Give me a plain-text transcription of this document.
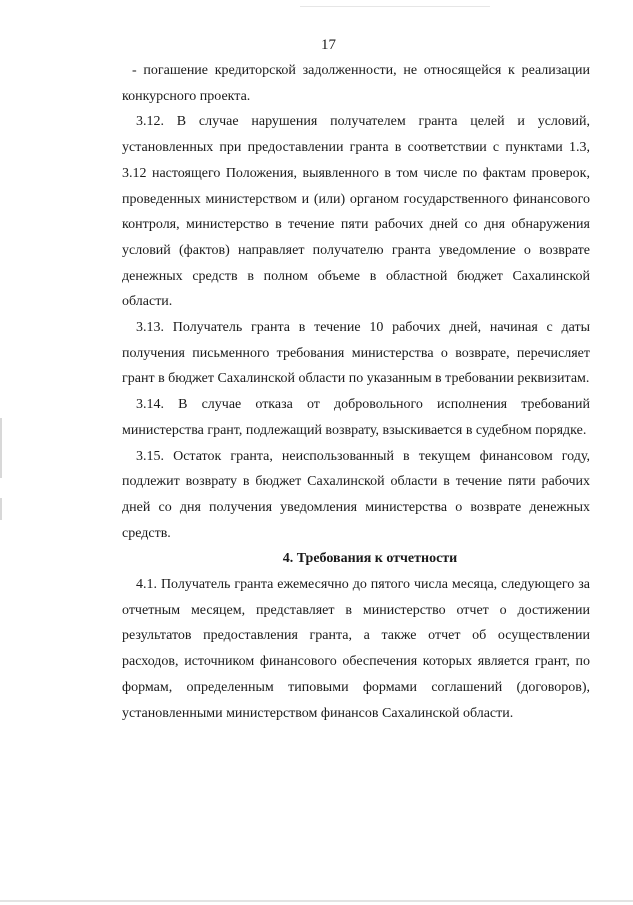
17

- погашение кредиторской задолженности, не относящейся к реализации конкурсного проекта.

3.12. В случае нарушения получателем гранта целей и условий, установленных при предоставлении гранта в соответствии с пунктами 1.3, 3.12 настоящего Положения, выявленного в том числе по фактам проверок, проведенных министерством и (или) органом государственного финансового контроля, министерство в течение пяти рабочих дней со дня обнаружения условий (фактов) направляет получателю гранта уведомление о возврате денежных средств в полном объеме в областной бюджет Сахалинской области.

3.13. Получатель гранта в течение 10 рабочих дней, начиная с даты получения письменного требования министерства о возврате, перечисляет грант в бюджет Сахалинской области по указанным в требовании реквизитам.

3.14. В случае отказа от добровольного исполнения требований министерства грант, подлежащий возврату, взыскивается в судебном порядке.

3.15. Остаток гранта, неиспользованный в текущем финансовом году, подлежит возврату в бюджет Сахалинской области в течение пяти рабочих дней со дня получения уведомления министерства о возврате денежных средств.

4. Требования к отчетности

4.1. Получатель гранта ежемесячно до пятого числа месяца, следующего за отчетным месяцем, представляет в министерство отчет о достижении результатов предоставления гранта, а также отчет об осуществлении расходов, источником финансового обеспечения которых является грант, по формам, определенным типовыми формами соглашений (договоров), установленными министерством финансов Сахалинской области.
